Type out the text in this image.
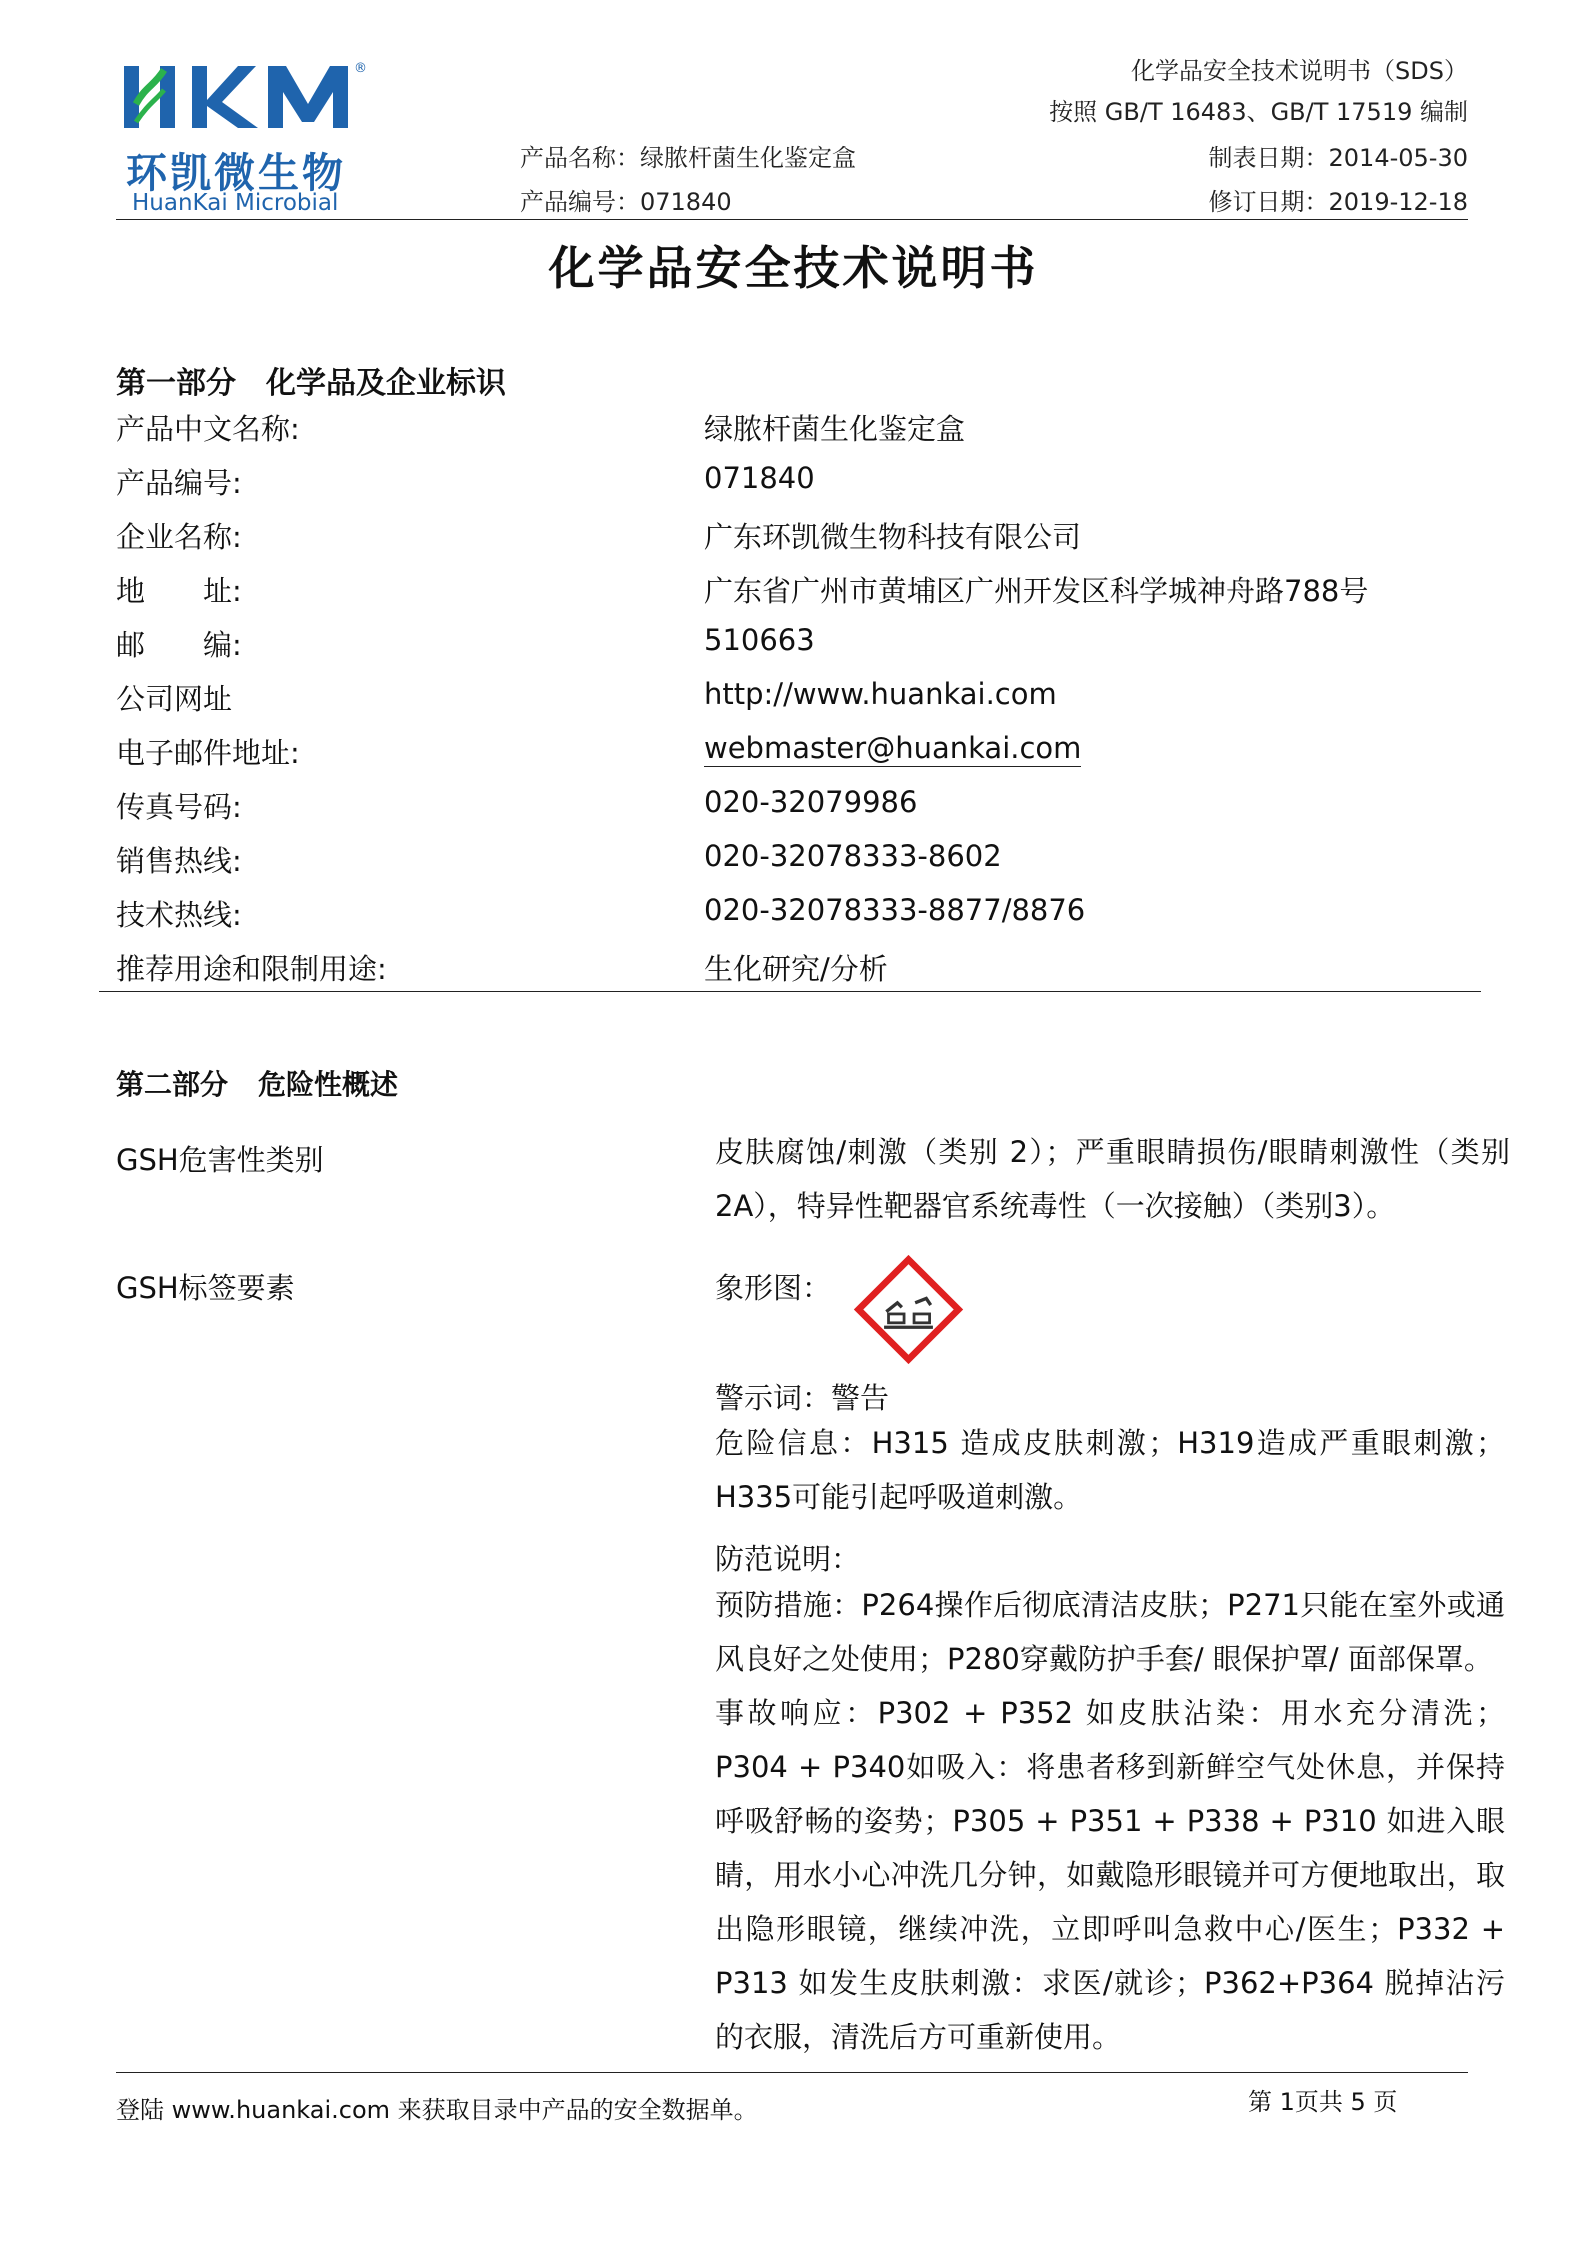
®
环凯微生物
HuanKai Microbial
化学品安全技术说明书（SDS）
按照 GB/T 16483、GB/T 17519 编制
产品名称：绿脓杆菌生化鉴定盒
产品编号：071840
制表日期：2014-05-30
修订日期：2019-12-18
化学品安全技术说明书
第一部分 化学品及企业标识
产品中文名称:	绿脓杆菌生化鉴定盒
产品编号:	071840
企业名称:	广东环凯微生物科技有限公司
地 址:	广东省广州市黄埔区广州开发区科学城神舟路788号
邮 编:	510663
公司网址	http://www.huankai.com
电子邮件地址:	webmaster@huankai.com
传真号码:	020-32079986
销售热线:	020-32078333-8602
技术热线:	020-32078333-8877/8876
推荐用途和限制用途:	生化研究/分析
第二部分 危险性概述
GSH危害性类别	皮肤腐蚀/刺激（类别 2）；严重眼睛损伤/眼睛刺激性（类别2A），特异性靶器官系统毒性（一次接触）（类别3）。
GSH标签要素	象形图：
警示词：警告
危险信息：H315 造成皮肤刺激；H319造成严重眼刺激；H335可能引起呼吸道刺激。
防范说明：
预防措施：P264操作后彻底清洁皮肤；P271只能在室外或通风良好之处使用；P280穿戴防护手套/ 眼保护罩/ 面部保罩。
事故响应：P302 + P352 如皮肤沾染：用水充分清洗；P304 + P340如吸入：将患者移到新鲜空气处休息，并保持呼吸舒畅的姿势；P305 + P351 + P338 + P310 如进入眼睛，用水小心冲洗几分钟，如戴隐形眼镜并可方便地取出，取出隐形眼镜，继续冲洗，立即呼叫急救中心/医生；P332 + P313 如发生皮肤刺激：求医/就诊；P362+P364 脱掉沾污的衣服，清洗后方可重新使用。
登陆 www.huankai.com 来获取目录中产品的安全数据单。	第 1页共 5 页
